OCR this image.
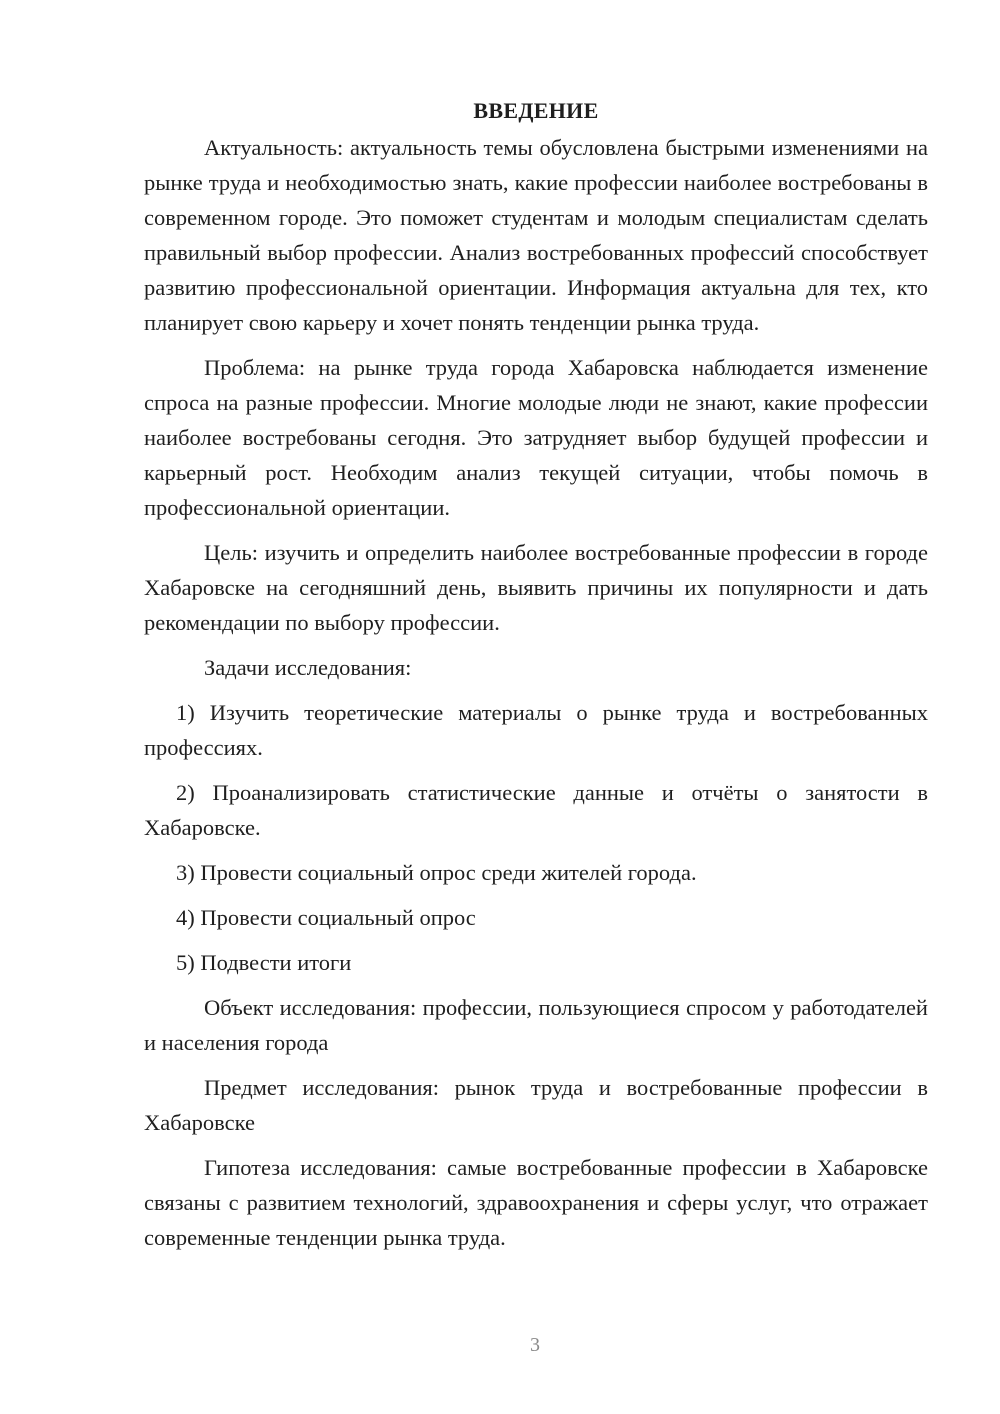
ВВЕДЕНИЕ

Актуальность: актуальность темы обусловлена быстрыми изменениями на рынке труда и необходимостью знать, какие профессии наиболее востребованы в современном городе. Это поможет студентам и молодым специалистам сделать правильный выбор профессии. Анализ востребованных профессий способствует развитию профессиональной ориентации. Информация актуальна для тех, кто планирует свою карьеру и хочет понять тенденции рынка труда.

Проблема: на рынке труда города Хабаровска наблюдается изменение спроса на разные профессии. Многие молодые люди не знают, какие профессии наиболее востребованы сегодня. Это затрудняет выбор будущей профессии и карьерный рост. Необходим анализ текущей ситуации, чтобы помочь в профессиональной ориентации.

Цель: изучить и определить наиболее востребованные профессии в городе Хабаровске на сегодняшний день, выявить причины их популярности и дать рекомендации по выбору профессии.

Задачи исследования:

1) Изучить теоретические материалы о рынке труда и востребованных профессиях.

2) Проанализировать статистические данные и отчёты о занятости в Хабаровске.

3) Провести социальный опрос среди жителей города.

4) Провести социальный опрос

5) Подвести итоги

Объект исследования: профессии, пользующиеся спросом у работодателей и населения города

Предмет исследования: рынок труда и востребованные профессии в Хабаровске

Гипотеза исследования: самые востребованные профессии в Хабаровске связаны с развитием технологий, здравоохранения и сферы услуг, что отражает современные тенденции рынка труда.

3
